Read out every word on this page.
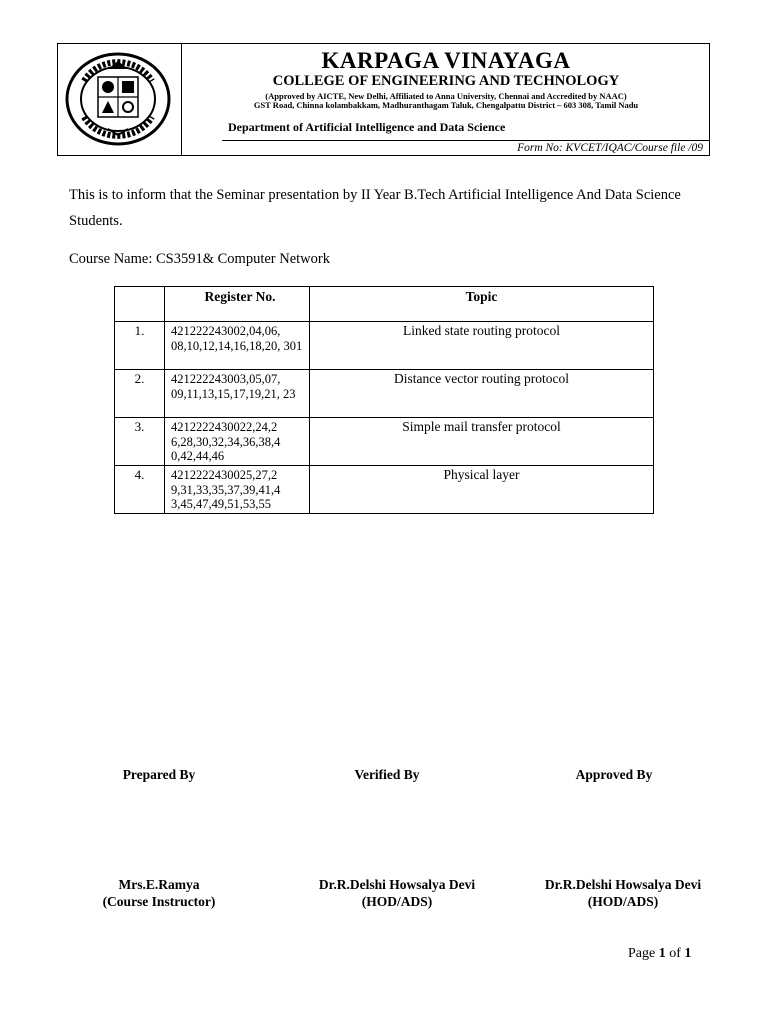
KARPAGA VINAYAGA
COLLEGE OF ENGINEERING AND TECHNOLOGY
(Approved by AICTE, New Delhi, Affiliated to Anna University, Chennai and Accredited by NAAC)
GST Road, Chinna kolambakkam, Madhuranthagam Taluk, Chengalpattu District – 603 308, Tamil Nadu
Department of Artificial Intelligence and Data Science
Form No: KVCET/IQAC/Course file /09
This is to inform that the Seminar presentation by II Year B.Tech Artificial Intelligence And Data Science Students.
Course Name: CS3591& Computer Network
	Register No.	Topic
1.	421222243002,04,06, 08,10,12,14,16,18,20, 301	Linked state routing protocol
2.	421222243003,05,07, 09,11,13,15,17,19,21, 23	Distance vector routing protocol
3.	4212222430022,24,2 6,28,30,32,34,36,38,4 0,42,44,46	Simple mail transfer protocol
4.	4212222430025,27,2 9,31,33,35,37,39,41,4 3,45,47,49,51,53,55	Physical layer
Prepared By	Verified By	Approved By
Mrs.E.Ramya
(Course Instructor)
Dr.R.Delshi Howsalya Devi
(HOD/ADS)
Dr.R.Delshi Howsalya Devi
(HOD/ADS)
Page 1 of 1
